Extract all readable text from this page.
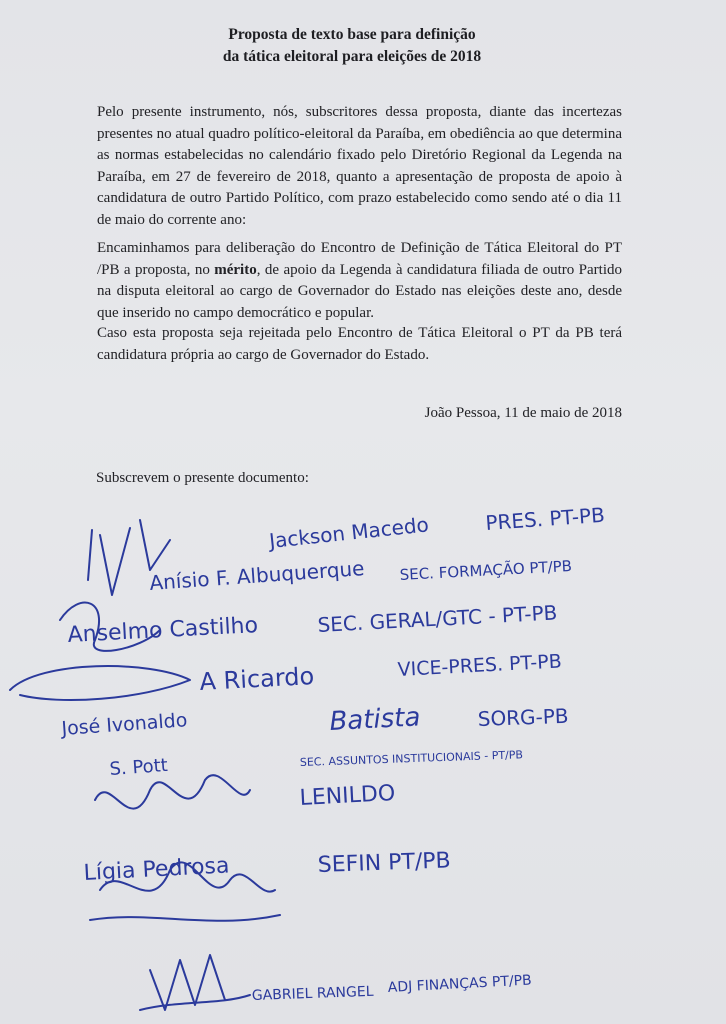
Proposta de texto base para definição
da tática eleitoral para eleições de 2018
Pelo presente instrumento, nós, subscritores dessa proposta, diante das incertezas presentes no atual quadro político-eleitoral da Paraíba, em obediência ao que determina as normas estabelecidas no calendário fixado pelo Diretório Regional da Legenda na Paraíba, em 27 de fevereiro de 2018, quanto a apresentação de proposta de apoio à candidatura de outro Partido Político, com prazo estabelecido como sendo até o dia 11 de maio do corrente ano:
Encaminhamos para deliberação do Encontro de Definição de Tática Eleitoral do PT /PB a proposta, no mérito, de apoio da Legenda à candidatura filiada de outro Partido na disputa eleitoral ao cargo de Governador do Estado nas eleições deste ano, desde que inserido no campo democrático e popular.
Caso esta proposta seja rejeitada pelo Encontro de Tática Eleitoral o PT da PB terá candidatura própria ao cargo de Governador do Estado.
João Pessoa, 11 de maio de 2018
Subscrevem o presente documento:
Jackson Macedo	PRES. PT-PB
Anísio F. Albuquerque SEC. FORMAÇÃO PT/PB
Anselmo Castilho	SEC. GERAL/GTC - PT-PB
A Ricardo	VICE-PRES. PT-PB
José Ivonaldo	Batista	SORG-PB
S. Pott	SEC. ASSUNTOS INSTITUCIONAIS - PT/PB
LENILDO
Lígia Pedrosa	SEFIN PT/PB
GABRIEL RANGEL ADJ FINANÇAS PT/PB
